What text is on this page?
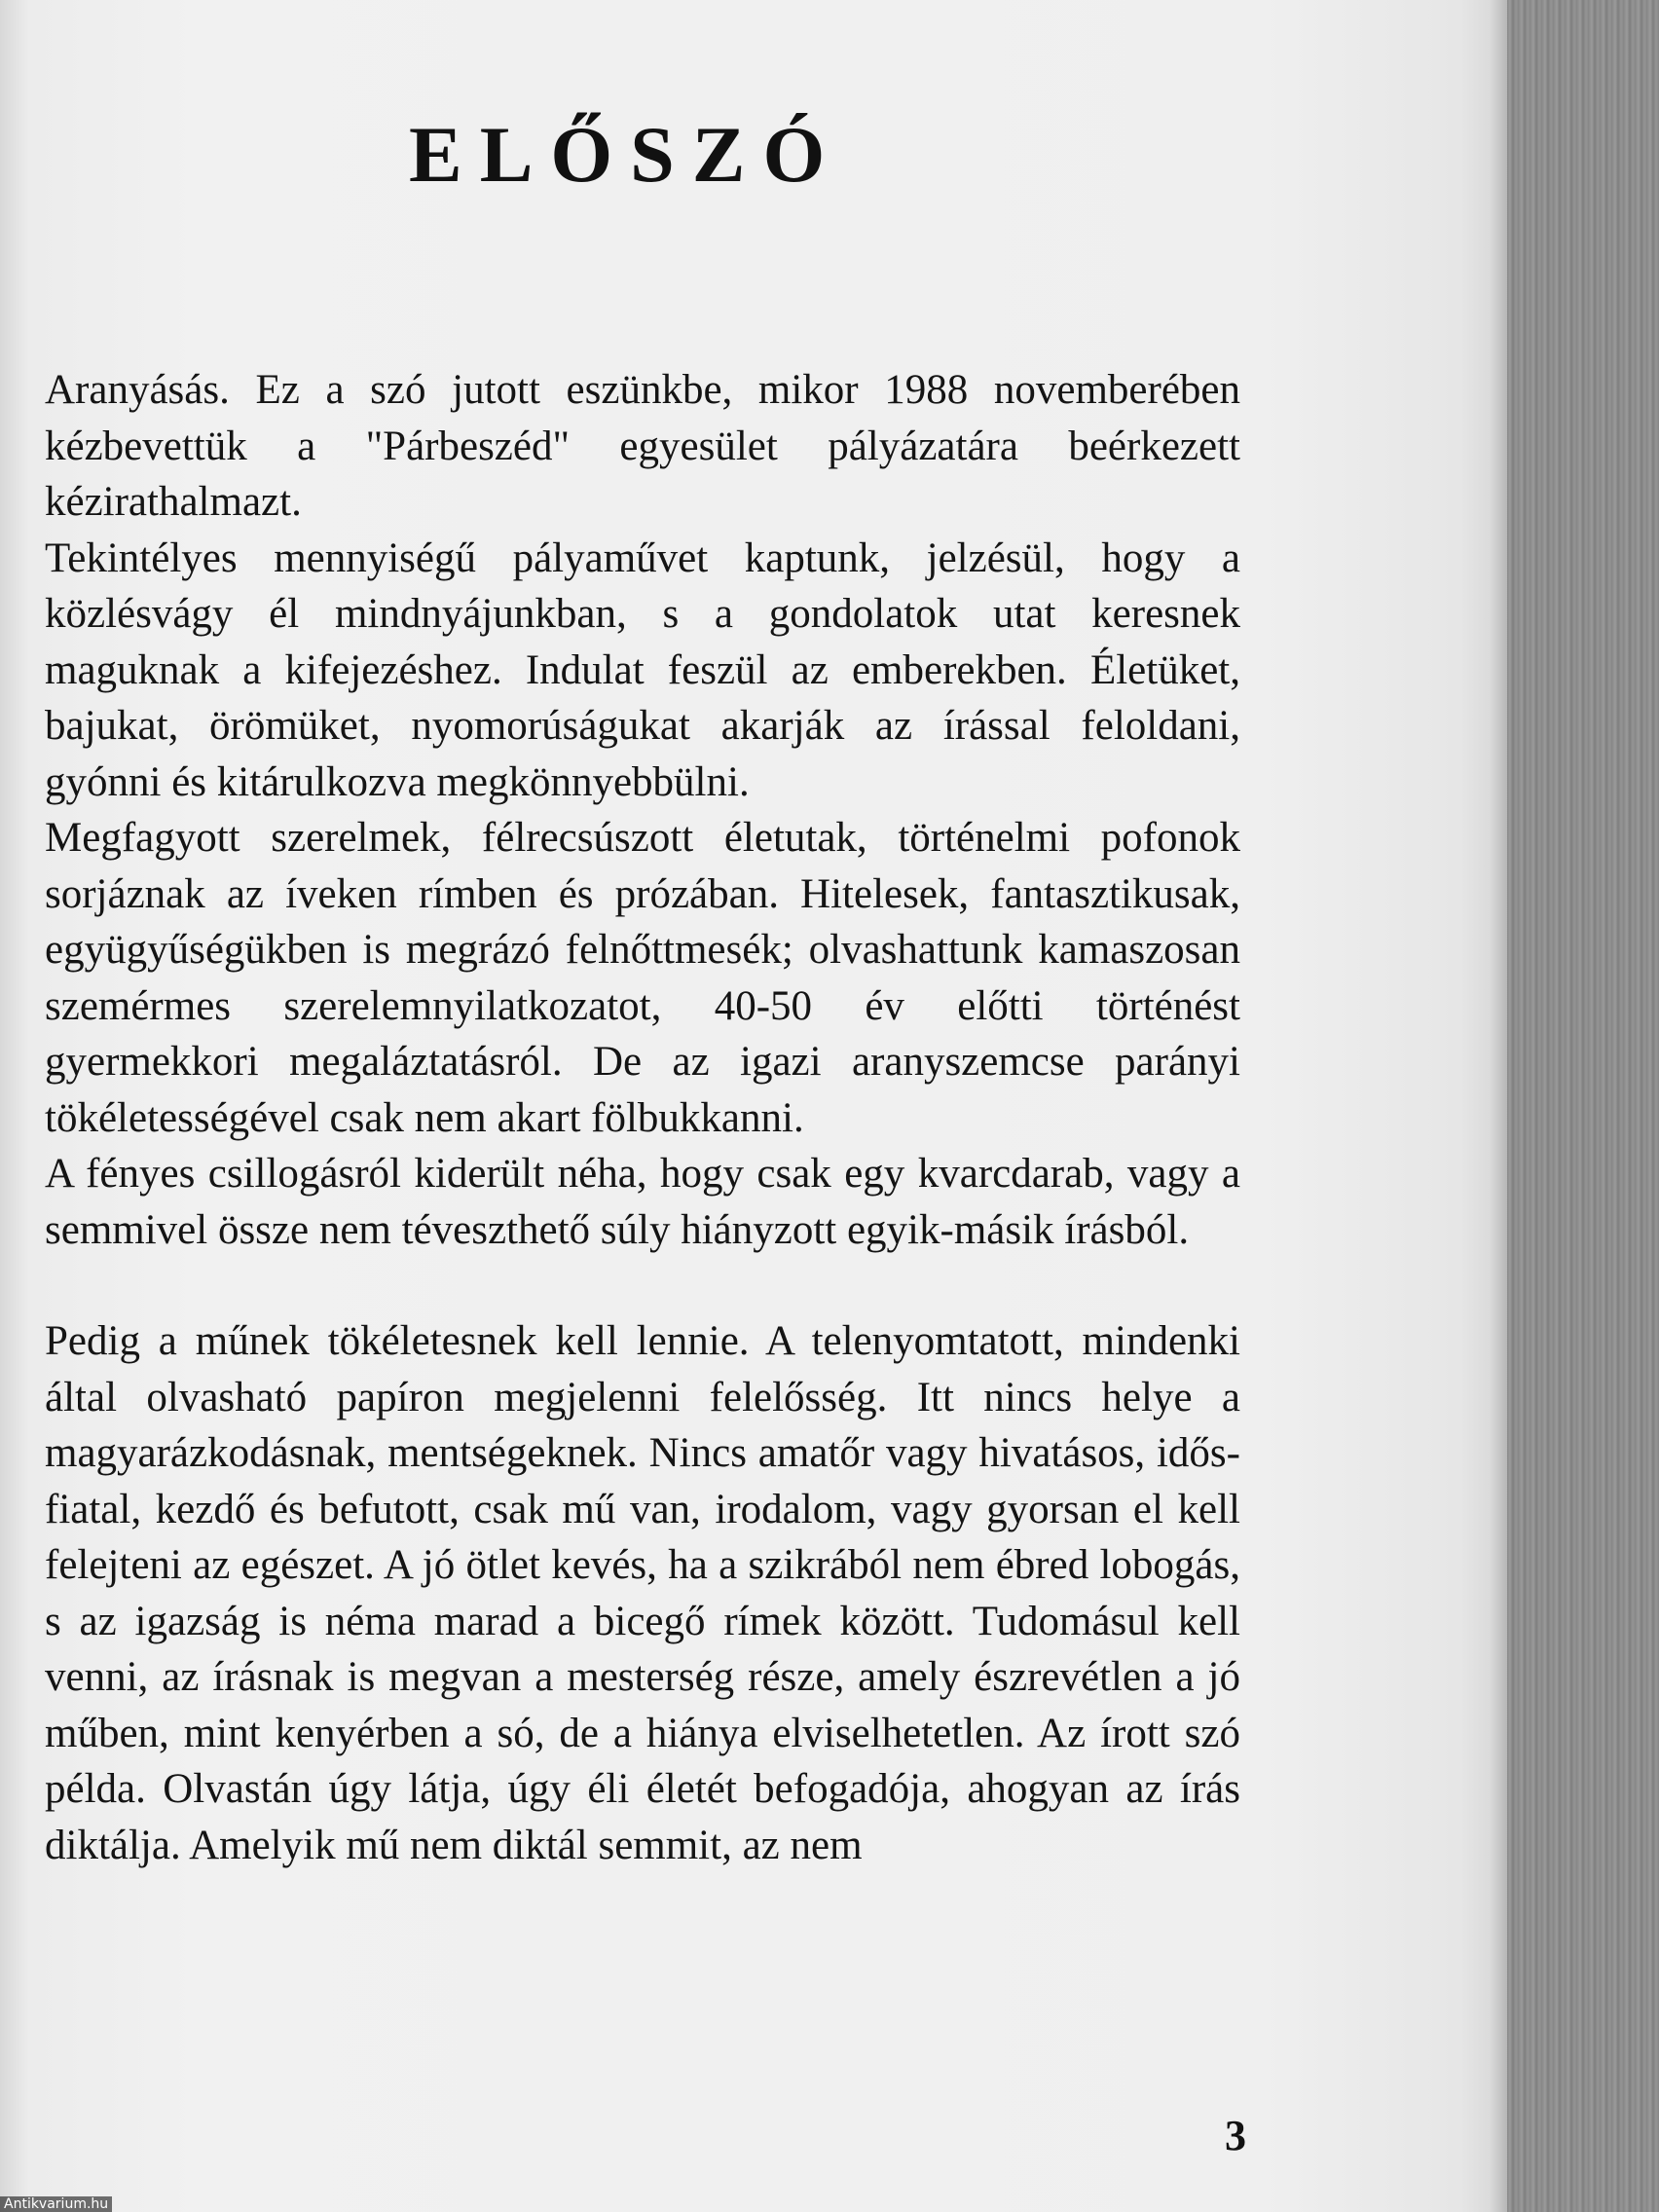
ELŐSZÓ

Aranyásás. Ez a szó jutott eszünkbe, mikor 1988 novemberében kézbevettük a "Párbeszéd" egyesület pályázatára beérkezett kézirathalmazt.

Tekintélyes mennyiségű pályaművet kaptunk, jelzésül, hogy a közlésvágy él mindnyájunkban, s a gondolatok utat keresnek maguknak a kifejezéshez. Indulat feszül az emberekben. Életüket, bajukat, örömüket, nyomorúságukat akarják az írással feloldani, gyónni és kitárulkozva megkönnyebbülni.

Megfagyott szerelmek, félrecsúszott életutak, történelmi pofonok sorjáznak az íveken rímben és prózában. Hitelesek, fantasztikusak, együgyűségükben is megrázó felnőttmesék; olvashattunk kamaszosan szemérmes szerelemnyilatkozatot, 40-50 év előtti történést gyermekkori megaláztatásról. De az igazi aranyszemcse parányi tökéletességével csak nem akart fölbukkanni.

A fényes csillogásról kiderült néha, hogy csak egy kvarcdarab, vagy a semmivel össze nem téveszthető súly hiányzott egyik-másik írásból.

Pedig a műnek tökéletesnek kell lennie. A telenyomtatott, mindenki által olvasható papíron megjelenni felelősség. Itt nincs helye a magyarázkodásnak, mentségeknek. Nincs amatőr vagy hivatásos, idős-fiatal, kezdő és befutott, csak mű van, irodalom, vagy gyorsan el kell felejteni az egészet. A jó ötlet kevés, ha a szikrából nem ébred lobogás, s az igazság is néma marad a bicegő rímek között. Tudomásul kell venni, az írásnak is megvan a mesterség része, amely észrevétlen a jó műben, mint kenyérben a só, de a hiánya elviselhetetlen. Az írott szó példa. Olvastán úgy látja, úgy éli életét befogadója, ahogyan az írás diktálja. Amelyik mű nem diktál semmit, az nem

3
Antikvarium.hu
